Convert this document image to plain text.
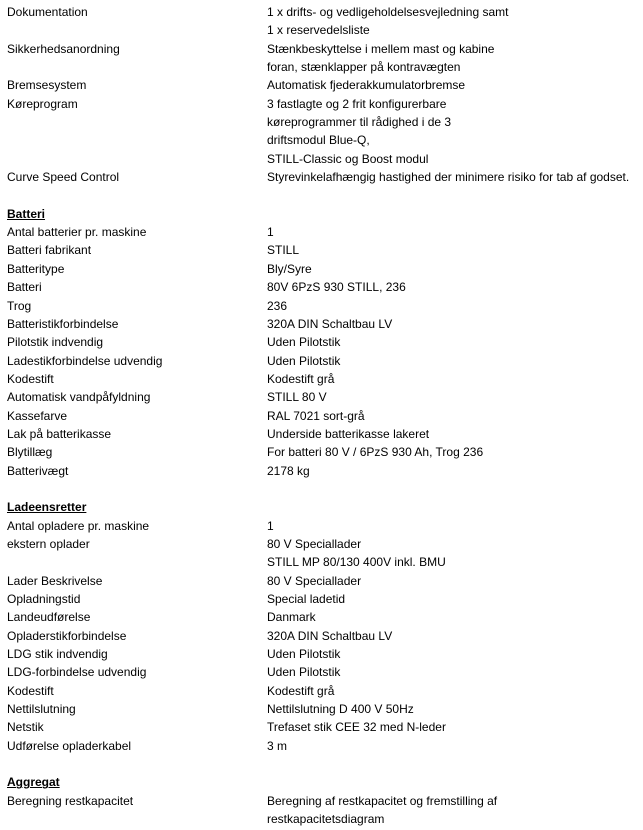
Dokumentation	1 x drifts- og vedligeholdelsesvejledning samt
1 x reservedelsliste
Sikkerhedsanordning	Stænkbeskyttelse i mellem mast og kabine
foran, stænklapper på kontravægten
Bremsesystem	Automatisk fjederakkumulatorbremse
Køreprogram	3 fastlagte og 2 frit konfigurerbare
køreprogrammer til rådighed i de 3
driftsmodul Blue-Q,
STILL-Classic og Boost modul
Curve Speed Control	Styrevinkelafhængig hastighed der minimere risiko for tab af godset.
Batteri
Antal batterier pr. maskine	1
Batteri fabrikant	STILL
Batteritype	Bly/Syre
Batteri	80V 6PzS 930 STILL, 236
Trog	236
Batteristikforbindelse	320A DIN Schaltbau LV
Pilotstik indvendig	Uden Pilotstik
Ladestikforbindelse udvendig	Uden Pilotstik
Kodestift	Kodestift grå
Automatisk vandpåfyldning	STILL 80 V
Kassefarve	RAL 7021 sort-grå
Lak på batterikasse	Underside batterikasse lakeret
Blytillæg	For batteri 80 V / 6PzS 930 Ah, Trog 236
Batterivægt	2178 kg
Ladeensretter
Antal opladere pr. maskine	1
ekstern oplader	80 V Speciallader
STILL MP 80/130 400V inkl. BMU
Lader Beskrivelse	80 V Speciallader
Opladningstid	Special ladetid
Landeudførelse	Danmark
Opladerstikforbindelse	320A DIN Schaltbau LV
LDG stik indvendig	Uden Pilotstik
LDG-forbindelse udvendig	Uden Pilotstik
Kodestift	Kodestift grå
Nettilslutning	Nettilslutning D 400 V 50Hz
Netstik	Trefaset stik CEE 32 med N-leder
Udførelse opladerkabel	3 m
Aggregat
Beregning restkapacitet	Beregning af restkapacitet og fremstilling af
restkapacitetsdiagram
